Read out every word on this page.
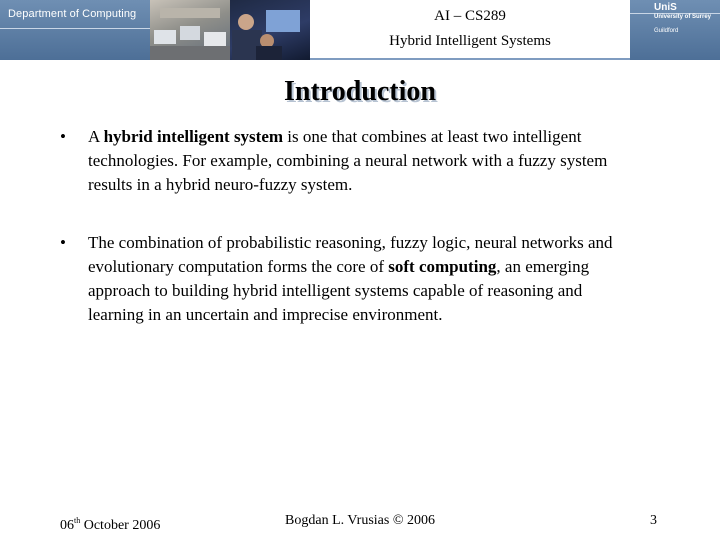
Department of Computing	AI – CS289
Hybrid Intelligent Systems
UniS
University of Surrey
Guildford
Introduction
• A hybrid intelligent system is one that combines at least two intelligent technologies. For example, combining a neural network with a fuzzy system results in a hybrid neuro-fuzzy system.
• The combination of probabilistic reasoning, fuzzy logic, neural networks and evolutionary computation forms the core of soft computing, an emerging approach to building hybrid intelligent systems capable of reasoning and learning in an uncertain and imprecise environment.
06th October 2006	Bogdan L. Vrusias © 2006	3
